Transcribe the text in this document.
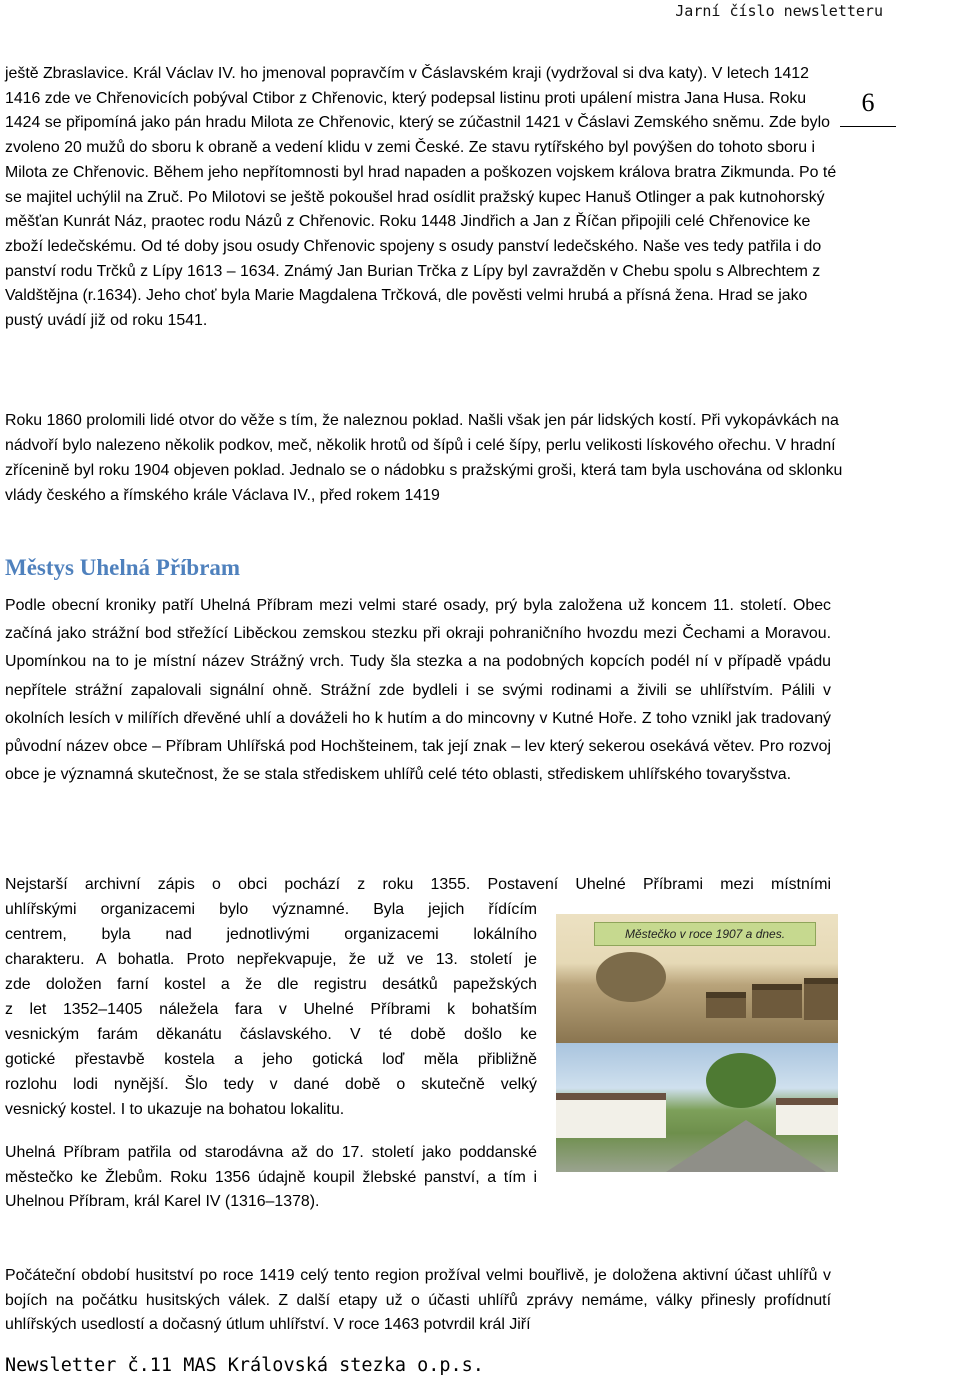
Jarní číslo newsletteru
6

ještě Zbraslavice. Král Václav IV. ho jmenoval popravčím v Čáslavském kraji (vydržoval si dva katy). V letech 1412 1416 zde ve Chřenovicích pobýval Ctibor z Chřenovic, který podepsal listinu proti upálení mistra Jana Husa. Roku 1424 se připomíná jako pán hradu Milota ze Chřenovic, který se zúčastnil 1421 v Čáslavi Zemského sněmu. Zde bylo zvoleno 20 mužů do sboru k obraně a vedení klidu v zemi České. Ze stavu rytířského byl povýšen do tohoto sboru i Milota ze Chřenovic. Během jeho nepřítomnosti byl hrad napaden a poškozen vojskem králova bratra Zikmunda. Po té se majitel uchýlil na Zruč. Po Milotovi se ještě pokoušel hrad osídlit pražský kupec Hanuš Otlinger a pak kutnohorský měšťan Kunrát Náz, praotec rodu Názů z Chřenovic. Roku 1448 Jindřich a Jan z Říčan připojili celé Chřenovice ke zboží ledečskému. Od té doby jsou osudy Chřenovic spojeny s osudy panství ledečského. Naše ves tedy patřila i do panství rodu Trčků z Lípy 1613 – 1634. Známý Jan Burian Trčka z Lípy byl zavražděn v Chebu spolu s Albrechtem z Valdštějna (r.1634). Jeho choť byla Marie Magdalena Trčková, dle pověsti velmi hrubá a přísná žena. Hrad se jako pustý uvádí již od roku 1541.

Roku 1860 prolomili lidé otvor do věže s tím, že naleznou poklad. Našli však jen pár lidských kostí. Při vykopávkách na nádvoří bylo nalezeno několik podkov, meč, několik hrotů od šípů i celé šípy, perlu velikosti lískového ořechu. V hradní zřícenině byl roku 1904 objeven poklad. Jednalo se o nádobku s pražskými groši, která tam byla uschována od sklonku vlády českého a římského krále Václava IV., před rokem 1419

Městys Uhelná Příbram

Podle obecní kroniky patří Uhelná Příbram mezi velmi staré osady, prý byla založena už koncem 11. století. Obec začíná jako strážní bod střežící Liběckou zemskou stezku při okraji pohraničního hvozdu mezi Čechami a Moravou. Upomínkou na to je místní název Strážný vrch. Tudy šla stezka a na podobných kopcích podél ní v případě vpádu nepřítele strážní zapalovali signální ohně. Strážní zde bydleli i se svými rodinami a živili se uhlířstvím. Pálili v okolních lesích v milířích dřevěné uhlí a dováželi ho k hutím a do mincovny v Kutné Hoře. Z toho vznikl jak tradovaný původní název obce – Příbram Uhlířská pod Hochšteinem, tak její znak – lev který sekerou osekává větev. Pro rozvoj obce je významná skutečnost, že se stala střediskem uhlířů celé této oblasti, střediskem uhlířského tovaryšstva.

Nejstarší archivní zápis o obci pochází z roku 1355. Postavení Uhelné Příbrami mezi místními
uhlířskými organizacemi bylo významné. Byla jejich řídícím
centrem, byla nad jednotlivými organizacemi lokálního
charakteru. A bohatla. Proto nepřekvapuje, že už ve 13. století je
zde doložen farní kostel a že dle registru desátků papežských
z let 1352–1405 náležela fara v Uhelné Příbrami k bohatším
vesnickým farám děkanátu čáslavského. V té době došlo ke
gotické přestavbě kostela a jeho gotická loď měla přibližně
rozlohu lodi nynější. Šlo tedy v dané době o skutečně velký
vesnický kostel. I to ukazuje na bohatou lokalitu.
Městečko v roce 1907 a dnes.

Uhelná Příbram patřila od starodávna až do 17. století jako poddanské městečko ke Žlebům. Roku 1356 údajně koupil žlebské panství, a tím i Uhelnou Příbram, král Karel IV (1316–1378).

Počáteční období husitství po roce 1419 celý tento region prožíval velmi bouřlivě, je doložena aktivní účast uhlířů v bojích na počátku husitských válek. Z další etapy už o účasti uhlířů zprávy nemáme, války přinesly profídnutí uhlířských usedlostí a dočasný útlum uhlířství. V roce 1463 potvrdil král Jiří

Newsletter č.11 MAS Královská stezka o.p.s.
